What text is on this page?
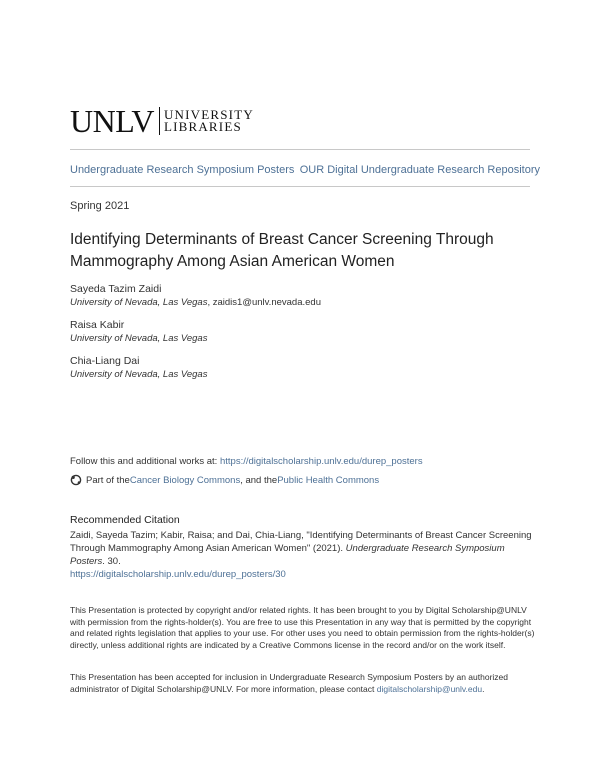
UNLV UNIVERSITY
LIBRARIES
Undergraduate Research Symposium Posters OUR Digital Undergraduate Research Repository
Spring 2021
Identifying Determinants of Breast Cancer Screening Through Mammography Among Asian American Women
Sayeda Tazim Zaidi
University of Nevada, Las Vegas, zaidis1@unlv.nevada.edu
Raisa Kabir
University of Nevada, Las Vegas
Chia-Liang Dai
University of Nevada, Las Vegas
Follow this and additional works at: https://digitalscholarship.unlv.edu/durep_posters
Part of the Cancer Biology Commons , and the Public Health Commons
Recommended Citation
Zaidi, Sayeda Tazim; Kabir, Raisa; and Dai, Chia-Liang, "Identifying Determinants of Breast Cancer Screening Through Mammography Among Asian American Women" (2021). Undergraduate Research Symposium Posters. 30.
https://digitalscholarship.unlv.edu/durep_posters/30
This Presentation is protected by copyright and/or related rights. It has been brought to you by Digital Scholarship@UNLV with permission from the rights-holder(s). You are free to use this Presentation in any way that is permitted by the copyright and related rights legislation that applies to your use. For other uses you need to obtain permission from the rights-holder(s) directly, unless additional rights are indicated by a Creative Commons license in the record and/or on the work itself.
This Presentation has been accepted for inclusion in Undergraduate Research Symposium Posters by an authorized administrator of Digital Scholarship@UNLV. For more information, please contact digitalscholarship@unlv.edu.
